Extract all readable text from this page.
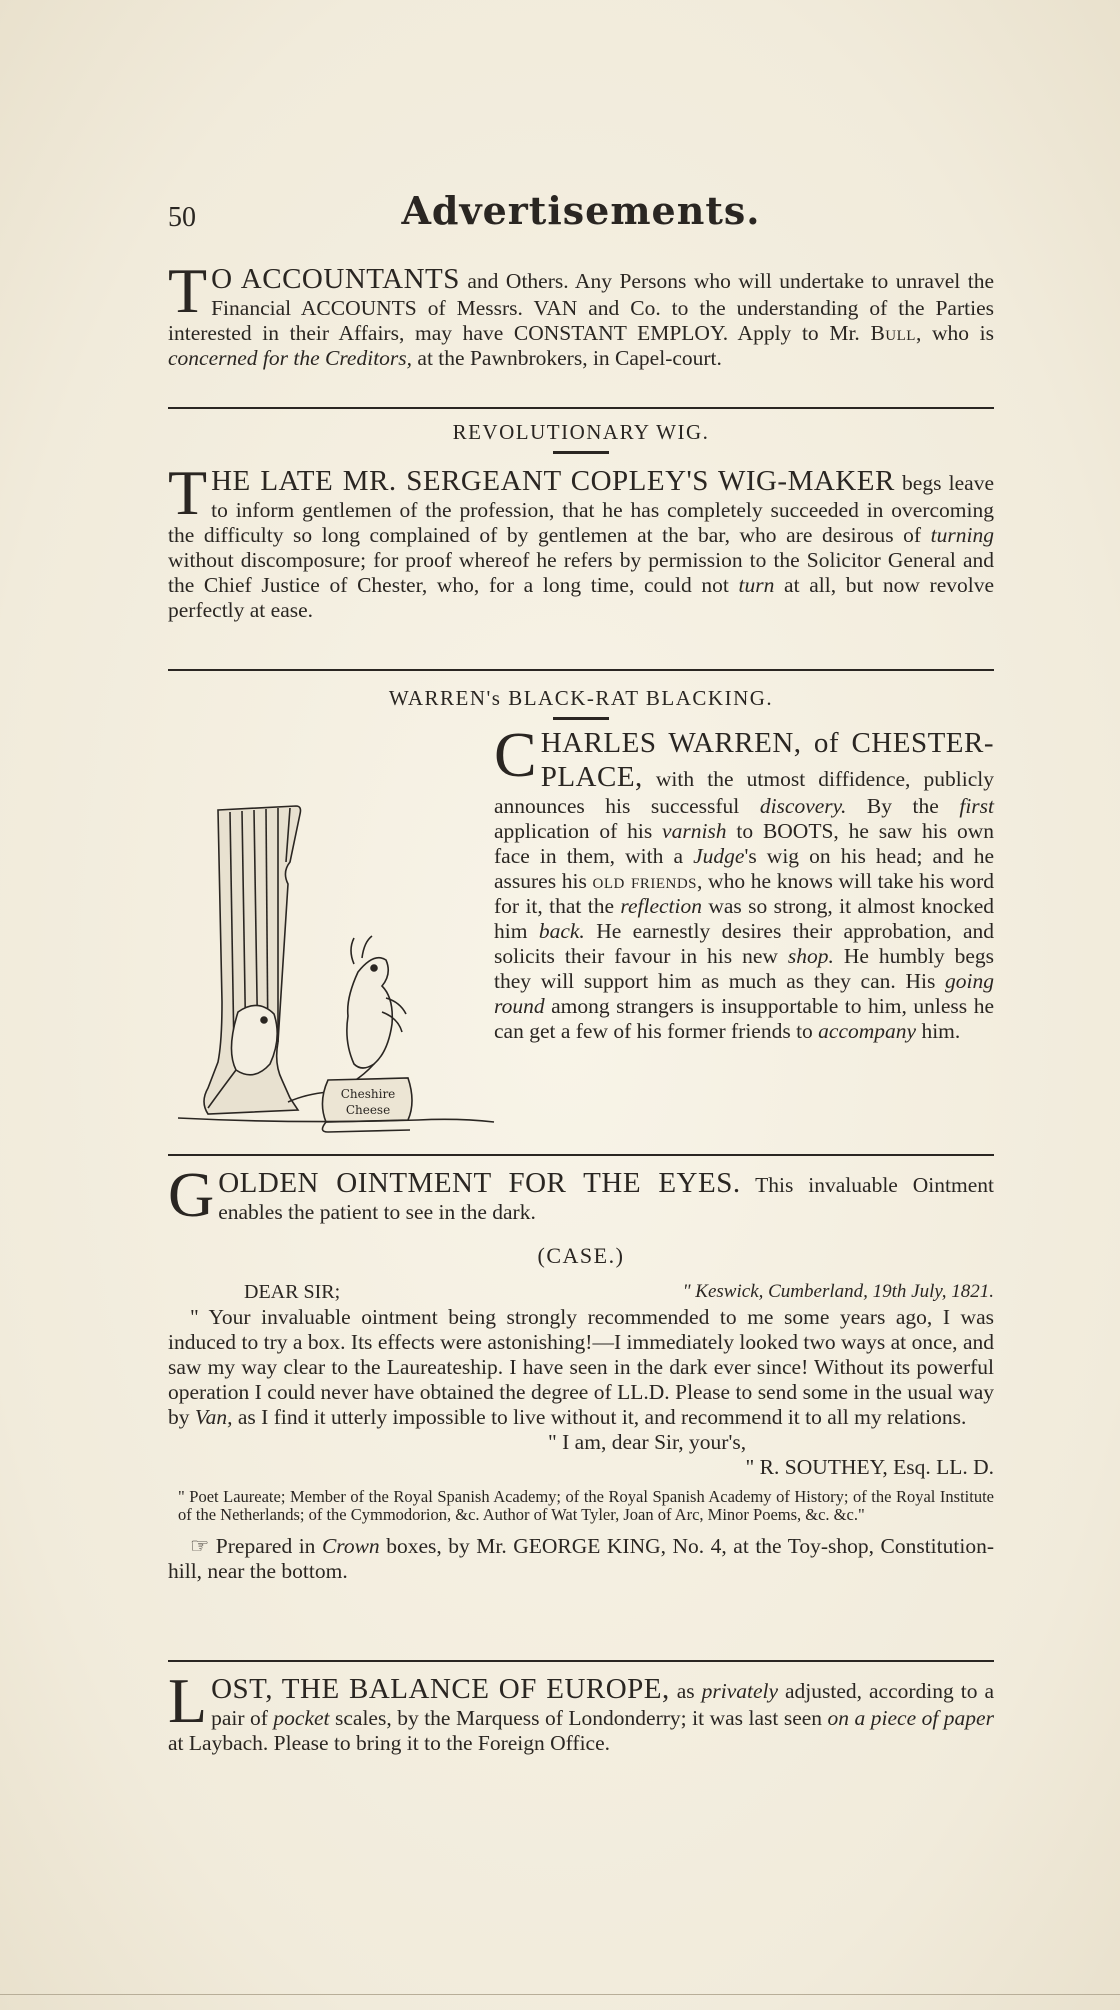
50	Advertisements.

T O ACCOUNTANTS and Others. Any Persons who will undertake to unravel the Financial ACCOUNTS of Messrs. VAN and Co. to the understanding of the Parties interested in their Affairs, may have CONSTANT EMPLOY. Apply to Mr. Bull, who is concerned for the Creditors, at the Pawnbrokers, in Capel-court.

REVOLUTIONARY WIG.

THE LATE MR. SERGEANT COPLEY'S WIG-MAKER begs leave to inform gentlemen of the profession, that he has completely succeeded in overcoming the difficulty so long complained of by gentlemen at the bar, who are desirous of turning without discomposure; for proof whereof he refers by permission to the Solicitor General and the Chief Justice of Chester, who, for a long time, could not turn at all, but now revolve perfectly at ease.

WARREN's BLACK-RAT BLACKING.

CHARLES WARREN, of CHESTER-PLACE, with the utmost diffidence, publicly announces his successful discovery. By the first application of his varnish to BOOTS, he saw his own face in them, with a Judge's wig on his head; and he assures his old friends, who he knows will take his word for it, that the reflection was so strong, it almost knocked him back. He earnestly desires their approbation, and solicits their favour in his new shop. He humbly begs they will support him as much as they can. His going round among strangers is insupportable to him, unless he can get a few of his former friends to accompany him.

Cheshire
Cheese

GOLDEN OINTMENT FOR THE EYES. This invaluable Ointment enables the patient to see in the dark.

(CASE.)
DEAR SIR;	" Keswick, Cumberland, 19th July, 1821.

" Your invaluable ointment being strongly recommended to me some years ago, I was induced to try a box. Its effects were astonishing!—I immediately looked two ways at once, and saw my way clear to the Laureateship. I have seen in the dark ever since! Without its powerful operation I could never have obtained the degree of LL.D. Please to send some in the usual way by Van, as I find it utterly impossible to live without it, and recommend it to all my relations.

" I am, dear Sir, your's,
" R. SOUTHEY, Esq. LL. D.

" Poet Laureate; Member of the Royal Spanish Academy; of the Royal Spanish Academy of History; of the Royal Institute of the Netherlands; of the Cymmodorion, &c. Author of Wat Tyler, Joan of Arc, Minor Poems, &c. &c."

☞ Prepared in Crown boxes, by Mr. GEORGE KING, No. 4, at the Toy-shop, Constitution-hill, near the bottom.

LOST, THE BALANCE OF EUROPE, as privately adjusted, according to a pair of pocket scales, by the Marquess of Londonderry; it was last seen on a piece of paper at Laybach. Please to bring it to the Foreign Office.
